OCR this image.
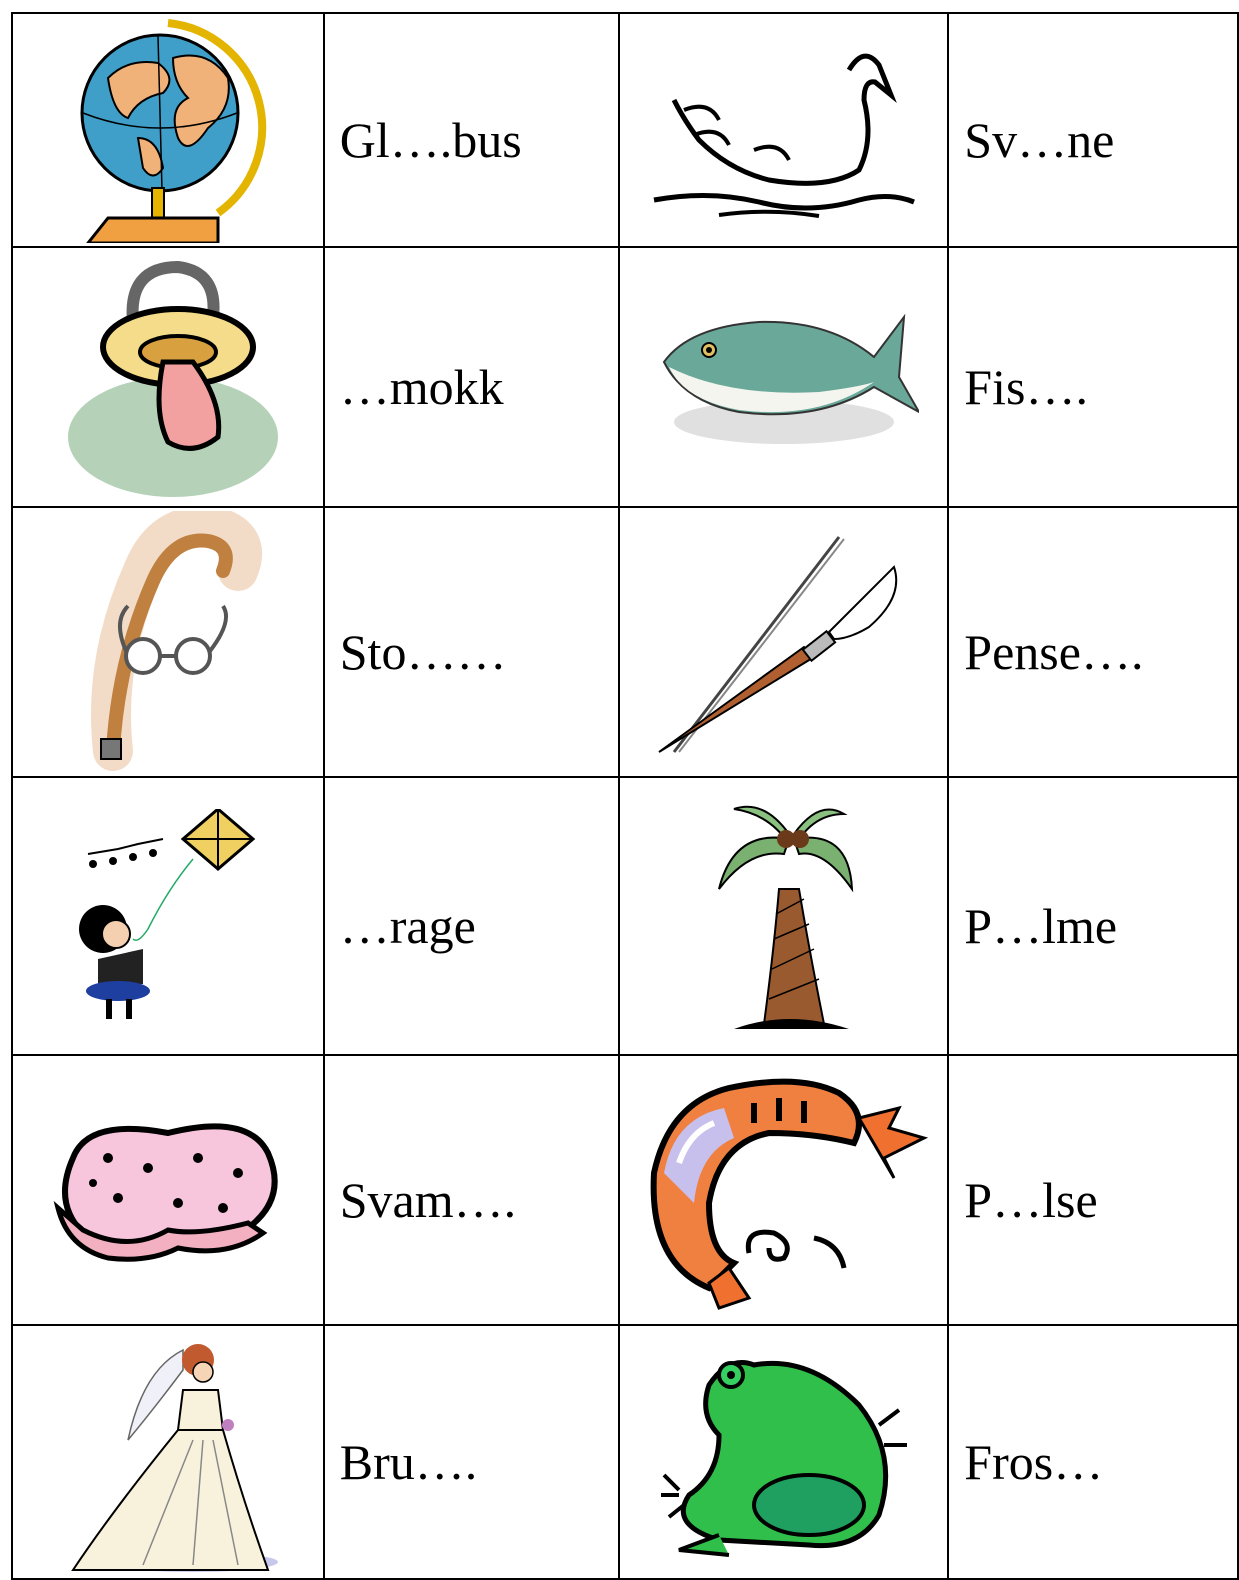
Gl….bus		Sv…ne

…mokk		Fis….

Sto……		Pense….

…rage		P…lme

Svam….		P…lse

Bru….		Fros…
